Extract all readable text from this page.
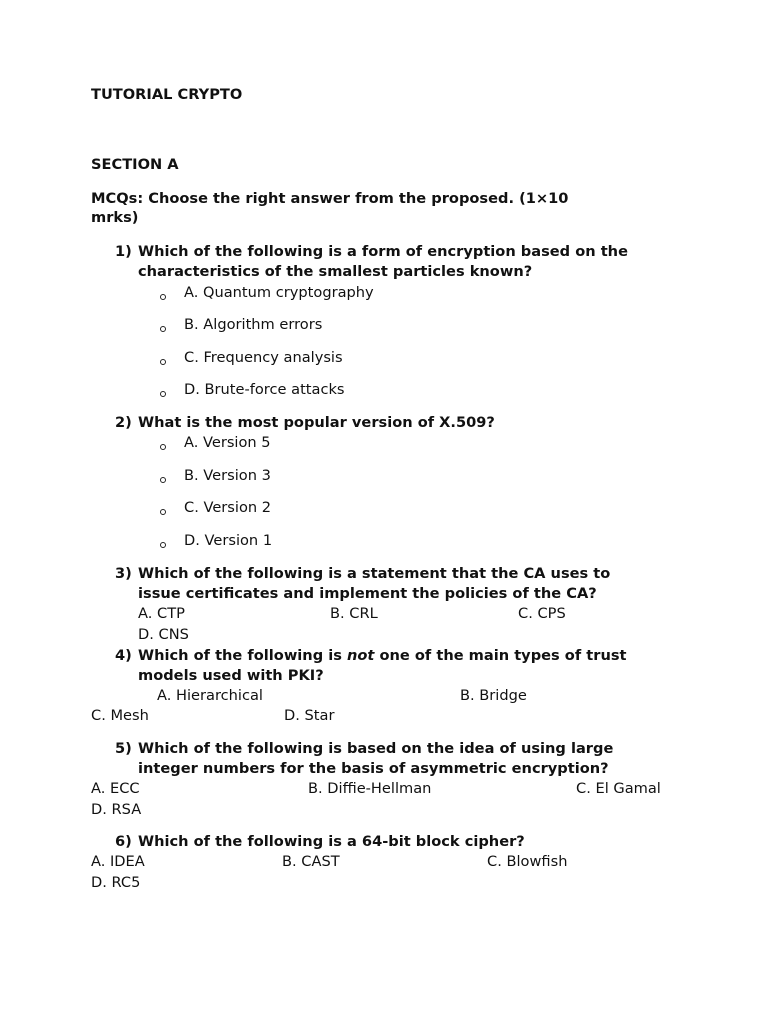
TUTORIAL CRYPTO
SECTION A
MCQs: Choose the right answer from the proposed. (1×10
mrks)
1) Which of the following is a form of encryption based on the
characteristics of the smallest particles known?
A. Quantum cryptography
B. Algorithm errors
C. Frequency analysis
D. Brute-force attacks
2) What is the most popular version of X.509?
A. Version 5
B. Version 3
C. Version 2
D. Version 1
3) Which of the following is a statement that the CA uses to
issue certificates and implement the policies of the CA?
A. CTP	B. CRL	C. CPS
D. CNS
4) Which of the following is not one of the main types of trust
models used with PKI?
A. Hierarchical	B. Bridge
C. Mesh	D. Star
5) Which of the following is based on the idea of using large
integer numbers for the basis of asymmetric encryption?
A. ECC	B. Diffie-Hellman	C. El Gamal
D. RSA
6) Which of the following is a 64-bit block cipher?
A. IDEA	B. CAST	C. Blowfish
D. RC5
